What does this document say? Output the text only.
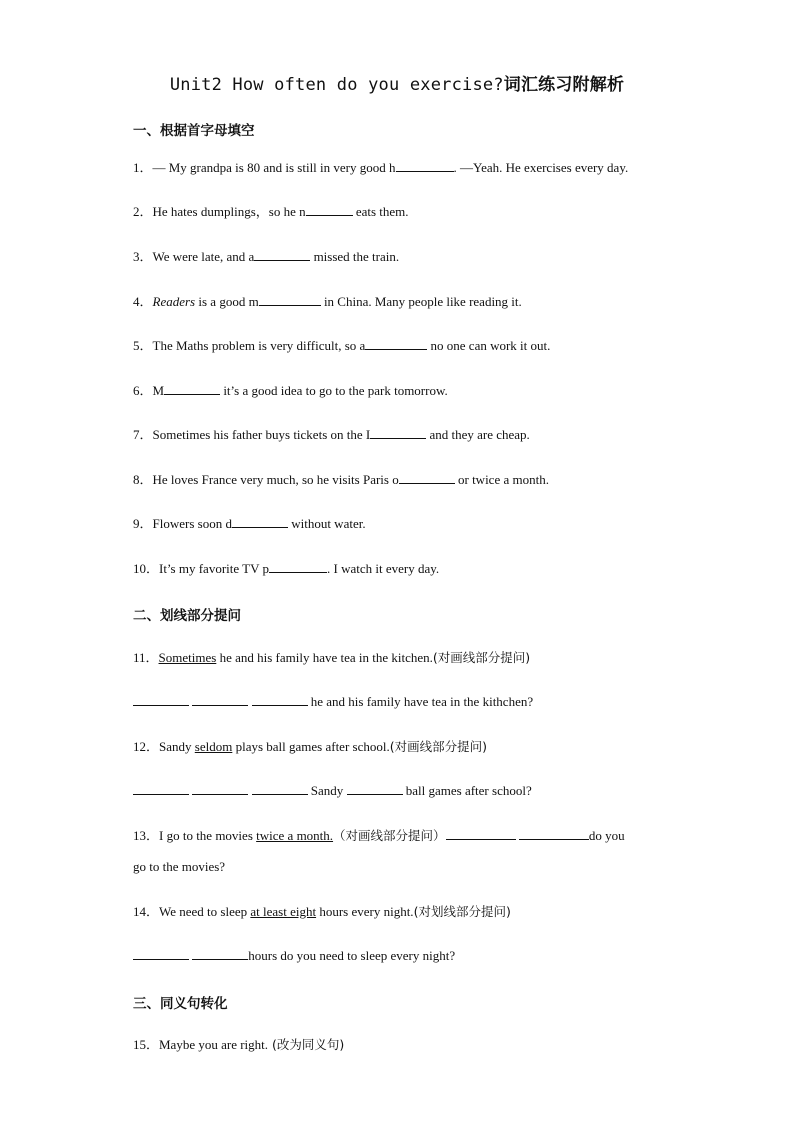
Unit2 How often do you exercise?词汇练习附解析
一、根据首字母填空
1．— My grandpa is 80 and is still in very good h	. —Yeah. He exercises every day.
2．He hates dumplings，so he n	eats them.
3．We were late, and a	missed the train.
4．Readers is a good m	in China. Many people like reading it.
5．The Maths problem is very difficult, so a	no one can work it out.
6．M	it’s a good idea to go to the park tomorrow.
7．Sometimes his father buys tickets on the I	and they are cheap.
8．He loves France very much, so he visits Paris o	or twice a month.
9．Flowers soon d	without water.
10．It’s my favorite TV p	. I watch it every day.
二、划线部分提问
11．Sometimes he and his family have tea in the kitchen.(对画线部分提问)
he and his family have tea in the kithchen?
12．Sandy seldom plays ball games after school.(对画线部分提问)
Sandy	ball games after school?
13．I go to the movies twice a month.（对画线部分提问）	do you
go to the movies?
14．We need to sleep at least eight hours every night.(对划线部分提问)
hours do you need to sleep every night?
三、同义句转化
15．Maybe you are right. (改为同义句)
